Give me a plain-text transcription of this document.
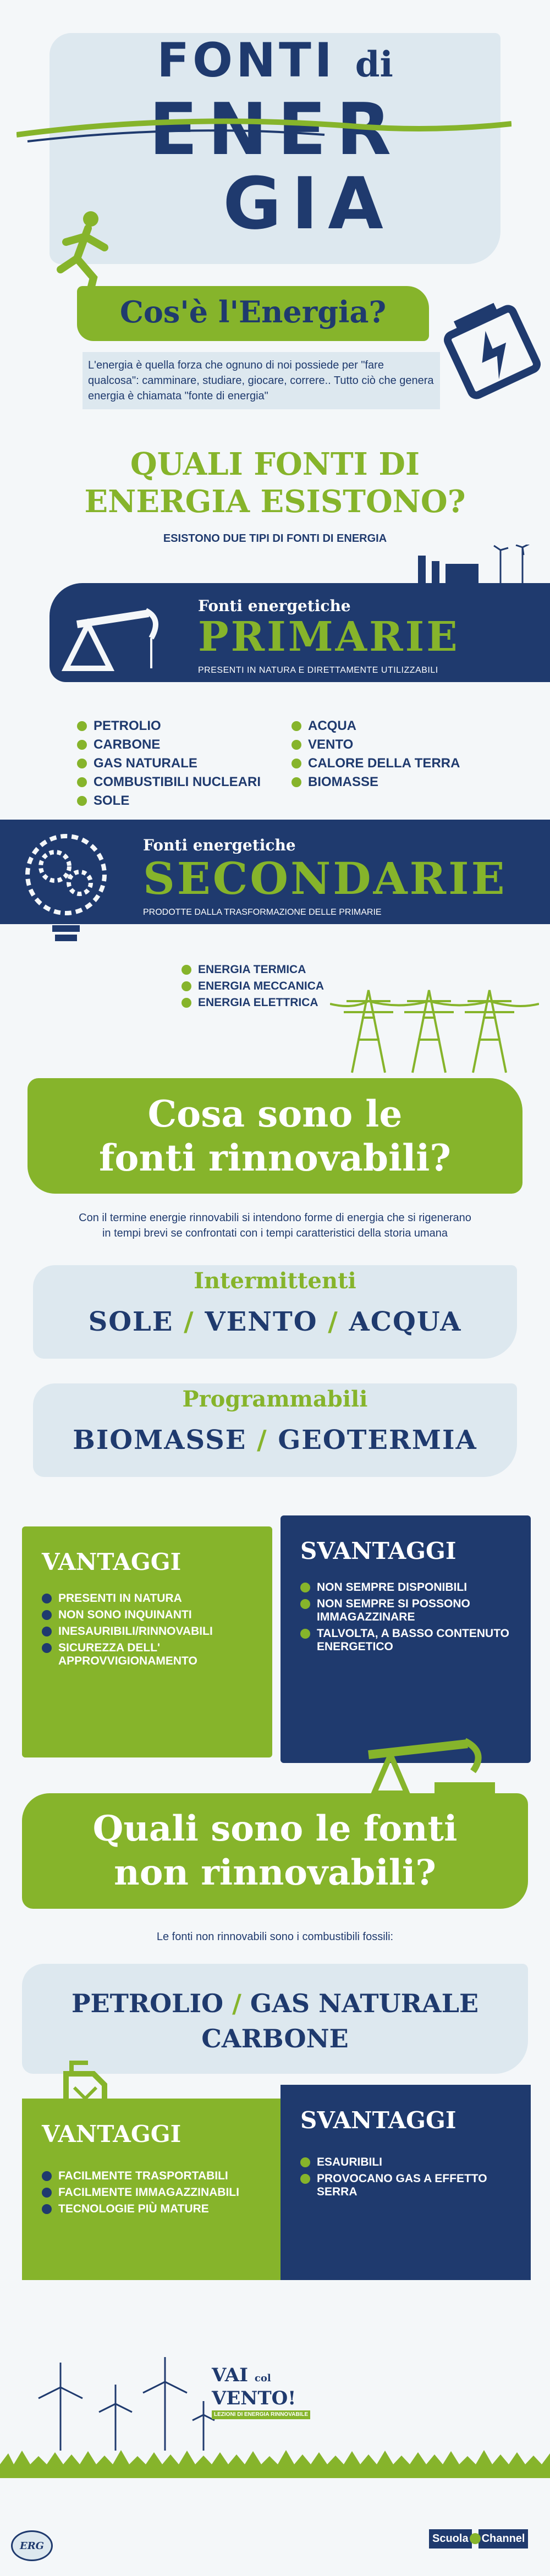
FONTI di
ENER
GIA
Cos'è l'Energia?
L'energia è quella forza che ognuno di noi possiede per "fare qualcosa": camminare, studiare, giocare, correre.. Tutto ciò che genera energia è chiamata "fonte di energia"
QUALI FONTI DI
ENERGIA ESISTONO?
ESISTONO DUE TIPI DI FONTI DI ENERGIA
Fonti energetiche
PRIMARIE
PRESENTI IN NATURA E DIRETTAMENTE UTILIZZABILI
PETROLIO
CARBONE
GAS NATURALE
COMBUSTIBILI NUCLEARI
SOLE
ACQUA
VENTO
CALORE DELLA TERRA
BIOMASSE
Fonti energetiche
SECONDARIE
PRODOTTE DALLA TRASFORMAZIONE DELLE PRIMARIE
ENERGIA TERMICA
ENERGIA MECCANICA
ENERGIA ELETTRICA
Cosa sono le
fonti rinnovabili?
Con il termine energie rinnovabili si intendono forme di energia che si rigenerano in tempi brevi se confrontati con i tempi caratteristici della storia umana
Intermittenti
SOLE / VENTO / ACQUA
Programmabili
BIOMASSE / GEOTERMIA
VANTAGGI
PRESENTI IN NATURA
NON SONO INQUINANTI
INESAURIBILI/RINNOVABILI
SICUREZZA DELL' APPROVVIGIONAMENTO
SVANTAGGI
NON SEMPRE DISPONIBILI
NON SEMPRE SI POSSONO IMMAGAZZINARE
TALVOLTA, A BASSO CONTENUTO ENERGETICO
Quali sono le fonti
non rinnovabili?
Le fonti non rinnovabili sono i combustibili fossili:
PETROLIO / GAS NATURALE
CARBONE
VANTAGGI
FACILMENTE TRASPORTABILI
FACILMENTE IMMAGAZZINABILI
TECNOLOGIE PIÙ MATURE
SVANTAGGI
ESAURIBILI
PROVOCANO GAS A EFFETTO SERRA
VAI col
VENTO!
LEZIONI DI ENERGIA RINNOVABILE
ERG
Scuola	Channel
